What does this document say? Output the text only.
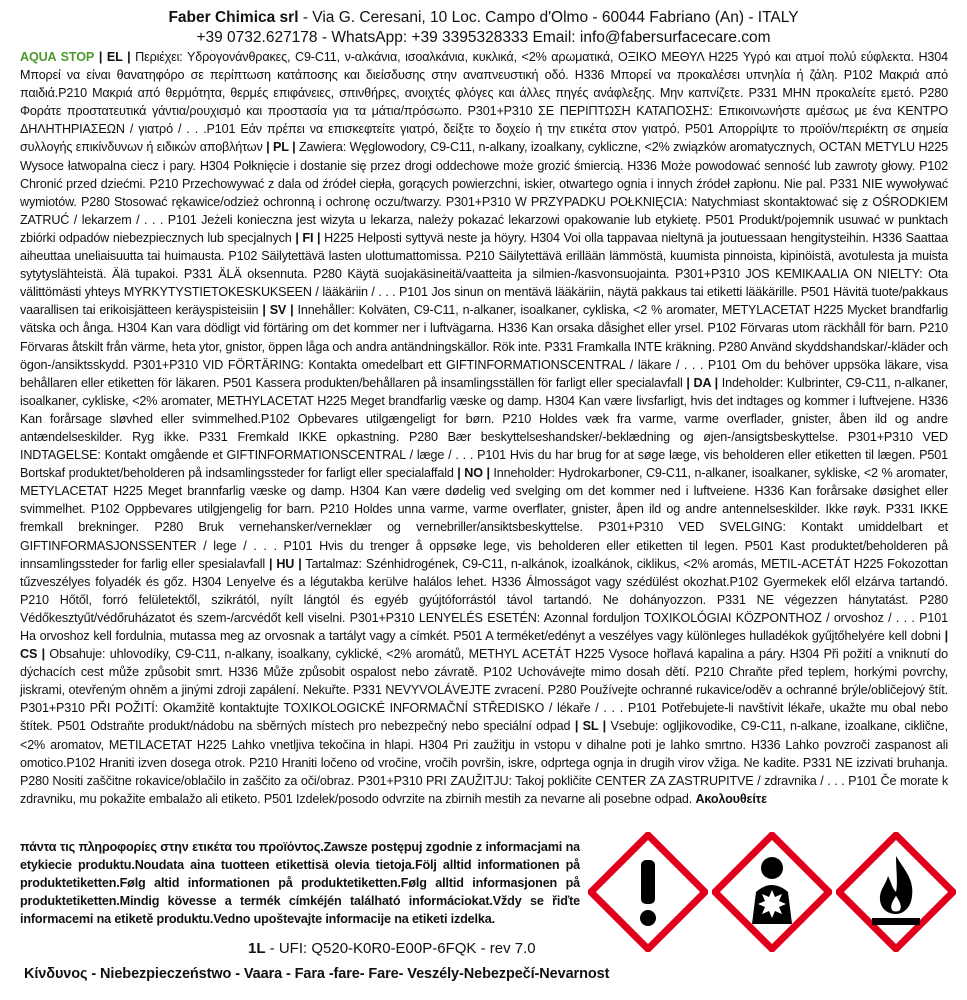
Faber Chimica srl - Via G. Ceresani, 10 Loc. Campo d'Olmo - 60044 Fabriano (An) - ITALY
+39 0732.627178 - WhatsApp: +39 3395328333 Email: info@fabersurfacecare.com
AQUA STOP | EL | Περιέχει: Υδρογονάνθρακες, C9-C11, ν-αλκάνια, ισοαλκάνια, κυκλικά, <2% αρωματικά, ΟΞΙΚΟ ΜΕΘΥΛ H225 Υγρό και ατμοί πολύ εύφλεκτα. H304 Μπορεί να είναι θανατηφόρο σε περίπτωση κατάποσης και διείσδυσης στην αναπνευστική οδό. H336 Μπορεί να προκαλέσει υπνηλία ή ζάλη. P102 Μακριά από παιδιά.P210 Μακριά από θερμότητα, θερμές επιφάνειες, σπινθήρες, ανοιχτές φλόγες και άλλες πηγές ανάφλεξης. Μην καπνίζετε. P331 ΜΗΝ προκαλείτε εμετό. P280 Φοράτε προστατευτικά γάντια/ρουχισμό και προστασία για τα μάτια/πρόσωπο. P301+P310 ΣΕ ΠΕΡΙΠΤΩΣΗ ΚΑΤΑΠΟΣΗΣ: Επικοινωνήστε αμέσως με ένα ΚΕΝΤΡΟ ΔΗΛΗΤΗΡΙΑΣΕΩΝ / γιατρό / . . .P101 Εάν πρέπει να επισκεφτείτε γιατρό, δείξτε το δοχείο ή την ετικέτα στον γιατρό. P501 Απορρίψτε το προϊόν/περιέκτη σε σημεία συλλογής επικίνδυνων ή ειδικών αποβλήτων | PL | Zawiera: Węglowodory, C9-C11, n-alkany, izoalkany, cykliczne, <2% związków aromatycznych, OCTAN METYLU H225 Wysoce łatwopalna ciecz i pary. H304 Połknięcie i dostanie się przez drogi oddechowe może grozić śmiercią. H336 Może powodować senność lub zawroty głowy. P102 Chronić przed dziećmi. P210 Przechowywać z dala od źródeł ciepła, gorących powierzchni, iskier, otwartego ognia i innych źródeł zapłonu. Nie pal. P331 NIE wywoływać wymiotów. P280 Stosować rękawice/odzież ochronną i ochronę oczu/twarzy. P301+P310 W PRZYPADKU POŁKNIĘCIA: Natychmiast skontaktować się z OŚRODKIEM ZATRUĆ / lekarzem / . . . P101 Jeżeli konieczna jest wizyta u lekarza, należy pokazać lekarzowi opakowanie lub etykietę. P501 Produkt/pojemnik usuwać w punktach zbiórki odpadów niebezpiecznych lub specjalnych | FI | H225 Helposti syttyvä neste ja höyry. H304 Voi olla tappavaa nieltynä ja joutuessaan hengitysteihin. H336 Saattaa aiheuttaa uneliaisuutta tai huimausta. P102 Säilytettävä lasten ulottumattomissa. P210 Säilytettävä erillään lämmöstä, kuumista pinnoista, kipinöistä, avotulesta ja muista sytytyslähteistä. Älä tupakoi. P331 ÄLÄ oksennuta. P280 Käytä suojakäsineitä/vaatteita ja silmien-/kasvonsuojainta. P301+P310 JOS KEMIKAALIA ON NIELTY: Ota välittömästi yhteys MYRKYTYSTIETOKESKUKSEEN / lääkäriin / . . . P101 Jos sinun on mentävä lääkäriin, näytä pakkaus tai etiketti lääkärille. P501 Hävitä tuote/pakkaus vaarallisen tai erikoisjätteen keräyspisteisiin | SV | Innehåller: Kolväten, C9-C11, n-alkaner, isoalkaner, cykliska, <2 % aromater, METYLACETAT H225 Mycket brandfarlig vätska och ånga. H304 Kan vara dödligt vid förtäring om det kommer ner i luftvägarna. H336 Kan orsaka dåsighet eller yrsel. P102 Förvaras utom räckhåll för barn. P210 Förvaras åtskilt från värme, heta ytor, gnistor, öppen låga och andra antändningskällor. Rök inte. P331 Framkalla INTE kräkning. P280 Använd skyddshandskar/-kläder och ögon-/ansiktsskydd. P301+P310 VID FÖRTÄRING: Kontakta omedelbart ett GIFTINFORMATIONSCENTRAL / läkare / . . . P101 Om du behöver uppsöka läkare, visa behållaren eller etiketten för läkaren. P501 Kassera produkten/behållaren på insamlingsställen för farligt eller specialavfall | DA | Indeholder: Kulbrinter, C9-C11, n-alkaner, isoalkaner, cykliske, <2% aromater, METHYLACETAT H225 Meget brandfarlig væske og damp. H304 Kan være livsfarligt, hvis det indtages og kommer i luftvejene. H336 Kan forårsage sløvhed eller svimmelhed.P102 Opbevares utilgængeligt for børn. P210 Holdes væk fra varme, varme overflader, gnister, åben ild og andre antændelseskilder. Ryg ikke. P331 Fremkald IKKE opkastning. P280 Bær beskyttelseshandsker/-beklædning og øjen-/ansigtsbeskyttelse. P301+P310 VED INDTAGELSE: Kontakt omgående et GIFTINFORMATIONSCENTRAL / læge / . . . P101 Hvis du har brug for at søge læge, vis beholderen eller etiketten til lægen. P501 Bortskaf produktet/beholderen på indsamlingssteder for farligt eller specialaffald | NO | Inneholder: Hydrokarboner, C9-C11, n-alkaner, isoalkaner, sykliske, <2 % aromater, METYLACETAT H225 Meget brannfarlig væske og damp. H304 Kan være dødelig ved svelging om det kommer ned i luftveiene. H336 Kan forårsake døsighet eller svimmelhet. P102 Oppbevares utilgjengelig for barn. P210 Holdes unna varme, varme overflater, gnister, åpen ild og andre antennelseskilder. Ikke røyk. P331 IKKE fremkall brekninger. P280 Bruk vernehansker/verneklær og vernebriller/ansiktsbeskyttelse. P301+P310 VED SVELGING: Kontakt umiddelbart et GIFTINFORMASJONSSENTER / lege / . . . P101 Hvis du trenger å oppsøke lege, vis beholderen eller etiketten til legen. P501 Kast produktet/beholderen på innsamlingssteder for farlig eller spesialavfall | HU | Tartalmaz: Szénhidrogének, C9-C11, n-alkánok, izoalkánok, ciklikus, <2% aromás, METIL-ACETÁT H225 Fokozottan tűzveszélyes folyadék és gőz. H304 Lenyelve és a légutakba kerülve halálos lehet. H336 Álmosságot vagy szédülést okozhat.P102 Gyermekek elől elzárva tartandó. P210 Hőtől, forró felületektől, szikrától, nyílt lángtól és egyéb gyújtóforrástól távol tartandó. Ne dohányozzon. P331 NE végezzen hánytatást. P280 Védőkesztyűt/védőruházatot és szem-/arcvédőt kell viselni. P301+P310 LENYELÉS ESETÉN: Azonnal forduljon TOXIKOLÓGIAI KÖZPONTHOZ / orvoshoz / . . . P101 Ha orvoshoz kell fordulnia, mutassa meg az orvosnak a tartályt vagy a címkét. P501 A terméket/edényt a veszélyes vagy különleges hulladékok gyűjtőhelyére kell dobni | CS | Obsahuje: uhlovodíky, C9-C11, n-alkany, isoalkany, cyklické, <2% aromátů, METHYL ACETÁT H225 Vysoce hořlavá kapalina a páry. H304 Při požití a vniknutí do dýchacích cest může způsobit smrt. H336 Může způsobit ospalost nebo závratě. P102 Uchovávejte mimo dosah dětí. P210 Chraňte před teplem, horkými povrchy, jiskrami, otevřeným ohněm a jinými zdroji zapálení. Nekuřte. P331 NEVYVOLÁVEJTE zvracení. P280 Používejte ochranné rukavice/oděv a ochranné brýle/obličejový štít. P301+P310 PŘI POŽITÍ: Okamžitě kontaktujte TOXIKOLOGICKÉ INFORMAČNÍ STŘEDISKO / lékaře / . . . P101 Potřebujete-li navštívit lékaře, ukažte mu obal nebo štítek. P501 Odstraňte produkt/nádobu na sběrných místech pro nebezpečný nebo speciální odpad | SL | Vsebuje: ogljikovodike, C9-C11, n-alkane, izoalkane, ciklične, <2% aromatov, METILACETAT H225 Lahko vnetljiva tekočina in hlapi. H304 Pri zaužitju in vstopu v dihalne poti je lahko smrtno. H336 Lahko povzroči zaspanost ali omotico.P102 Hraniti izven dosega otrok. P210 Hraniti ločeno od vročine, vročih površin, iskre, odprtega ognja in drugih virov vžiga. Ne kadite. P331 NE izzivati bruhanja. P280 Nositi zaščitne rokavice/oblačilo in zaščito za oči/obraz. P301+P310 PRI ZAUŽITJU: Takoj pokličite CENTER ZA ZASTRUPITVE / zdravnika / . . . P101 Če morate k zdravniku, mu pokažite embalažo ali etiketo. P501 Izdelek/posodo odvrzite na zbirnih mestih za nevarne ali posebne odpad. Ακολουθείτε
πάντα τις πληροφορίες στην ετικέτα του προϊόντος.Zawsze postępuj zgodnie z informacjami na etykiecie produktu.Noudata aina tuotteen etikettisä olevia tietoja.Följ alltid informationen på produktetiketten.Følg altid informationen på produktetiketten.Følg alltid informasjonen på produktetiketten.Mindig kövesse a termék címkéjén található informáciokat.Vždy se řiďte informacemi na etiketě produktu.Vedno upoštevajte informacije na etiketi izdelka.
1L - UFI: Q520-K0R0-E00P-6FQK - rev 7.0
Κίνδυνος - Niebezpieczeństwo - Vaara - Fara -fare- Fare- Veszély-Nebezpečí-Nevarnost
